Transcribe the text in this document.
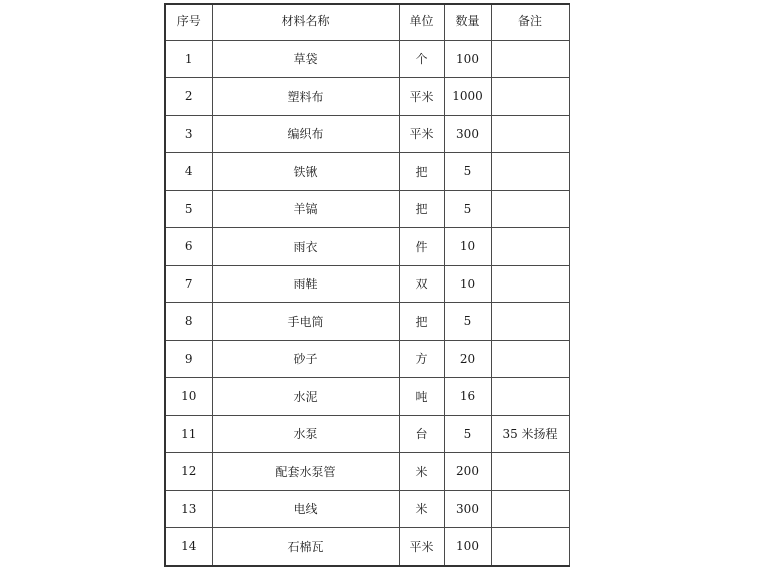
序号	材料名称	单位	数量	备注
1	草袋	个	100	
2	塑料布	平米	1000	
3	编织布	平米	300	
4	铁锹	把	5	
5	羊镐	把	5	
6	雨衣	件	10	
7	雨鞋	双	10	
8	手电筒	把	5	
9	砂子	方	20	
10	水泥	吨	16	
11	水泵	台	5	35 米扬程
12	配套水泵管	米	200	
13	电线	米	300	
14	石棉瓦	平米	100	
